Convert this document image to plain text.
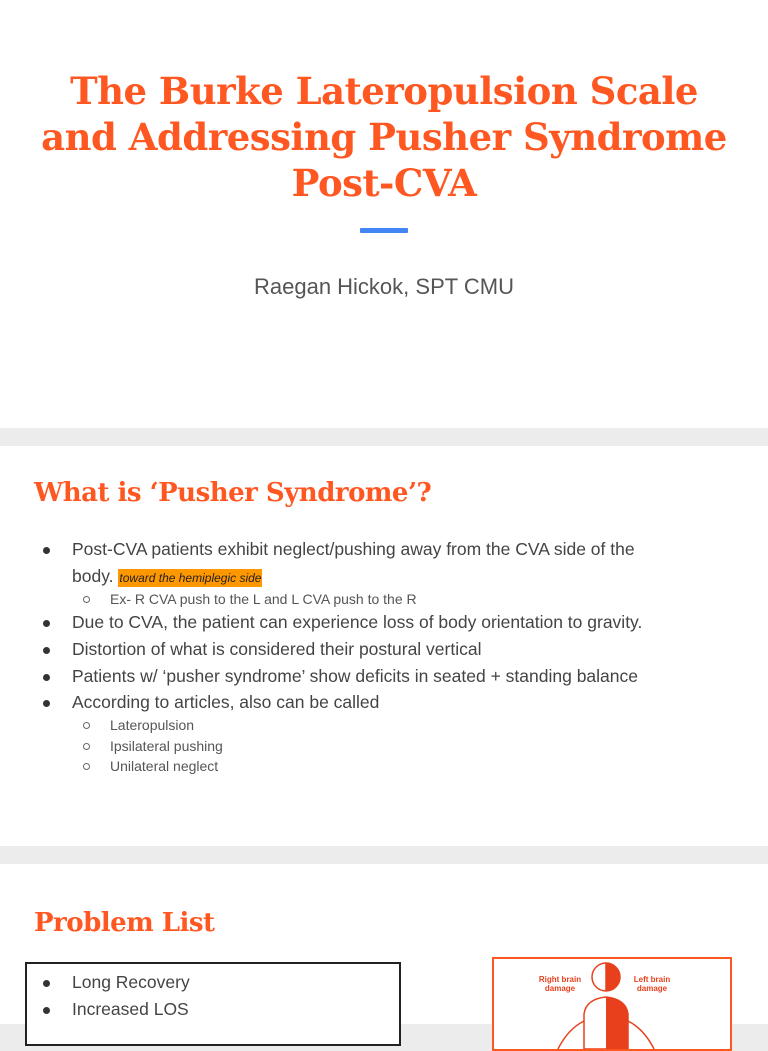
The Burke Lateropulsion Scale
and Addressing Pusher Syndrome
Post-CVA

Raegan Hickok, SPT CMU

What is ‘Pusher Syndrome’?
Post-CVA patients exhibit neglect/pushing away from the CVA side of the
body. toward the hemiplegic side
Ex- R CVA push to the L and L CVA push to the R
Due to CVA, the patient can experience loss of body orientation to gravity.
Distortion of what is considered their postural vertical
Patients w/ ‘pusher syndrome’ show deficits in seated + standing balance
According to articles, also can be called
Lateropulsion
Ipsilateral pushing
Unilateral neglect
Problem List
Long Recovery
Increased LOS
Right brain damage
Left brain damage
